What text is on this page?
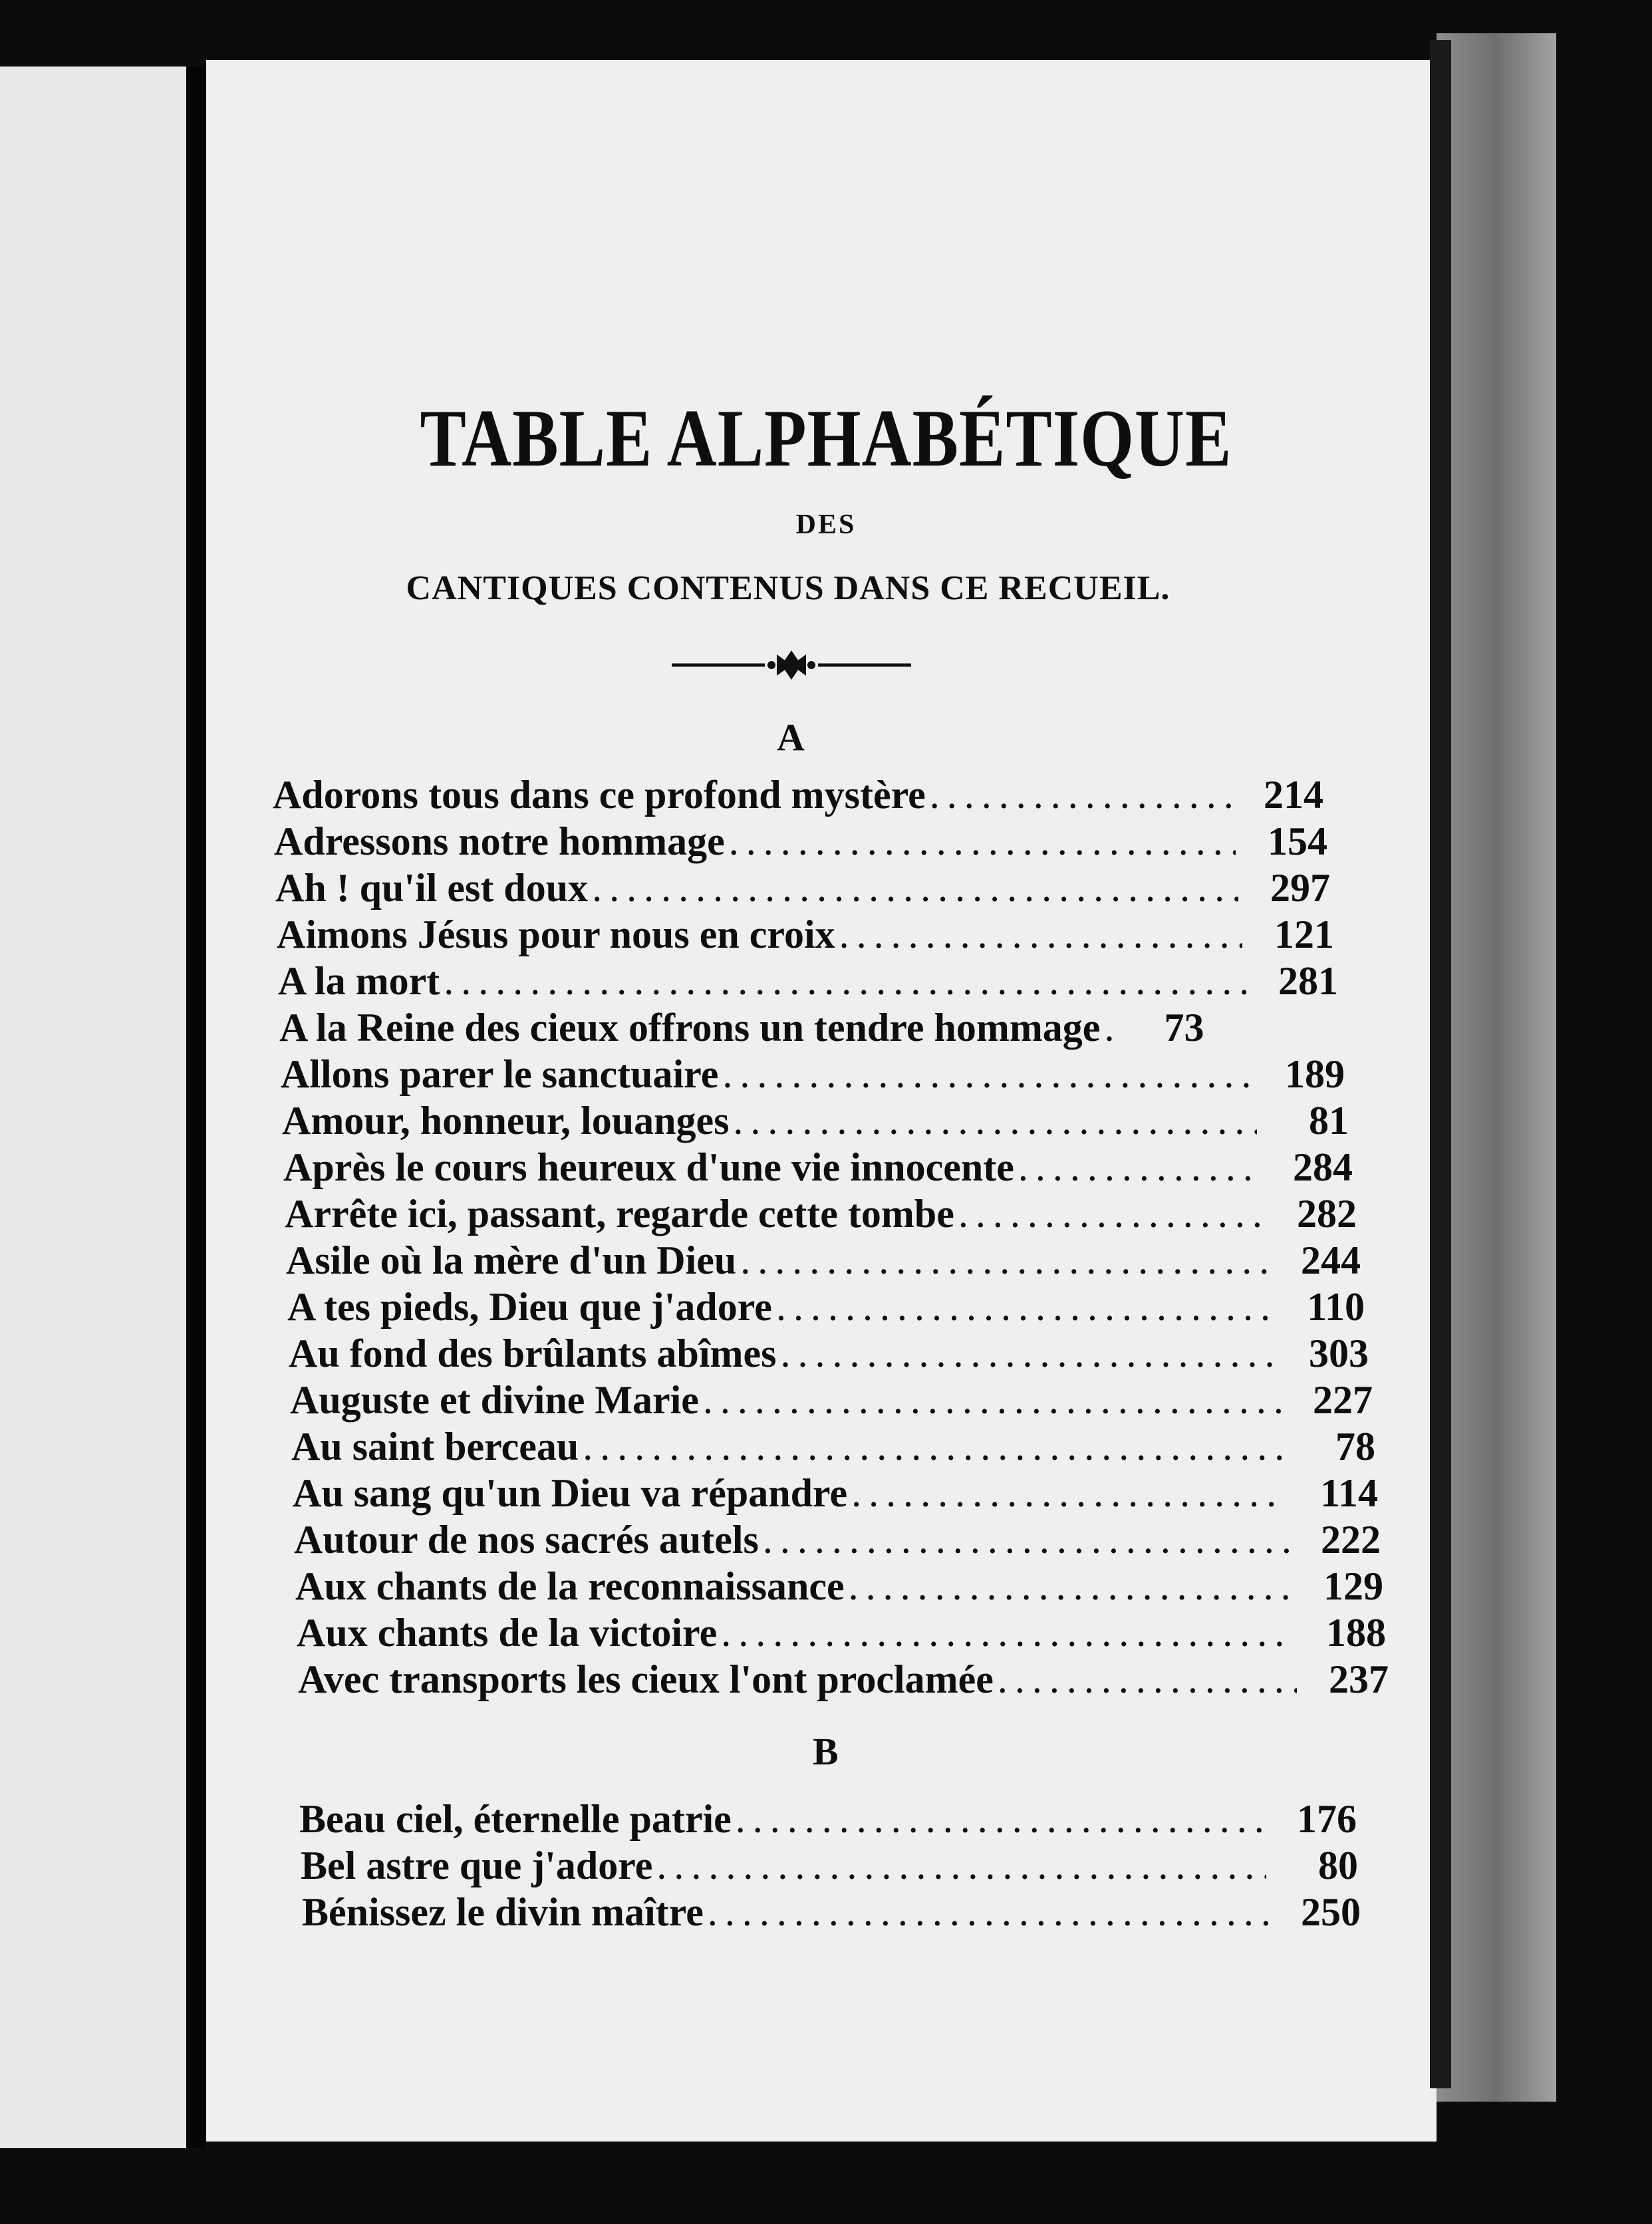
TABLE ALPHABÉTIQUE
DES
CANTIQUES CONTENUS DANS CE RECUEIL.
A
B
Adorons tous dans ce profond mystère . . .	214
Adressons notre hommage . . .	154
Ah ! qu'il est doux . . .	297
Aimons Jésus pour nous en croix . . .	121
A la mort . . .	281
A la Reine des cieux offrons un tendre hommage . . .	73
Allons parer le sanctuaire . . .	189
Amour, honneur, louanges . . .	81
Après le cours heureux d'une vie innocente . . .	284
Arrête ici, passant, regarde cette tombe . . .	282
Asile où la mère d'un Dieu . . .	244
A tes pieds, Dieu que j'adore . . .	110
Au fond des brûlants abîmes . . .	303
Auguste et divine Marie . . .	227
Au saint berceau . . .	78
Au sang qu'un Dieu va répandre . . .	114
Autour de nos sacrés autels . . .	222
Aux chants de la reconnaissance . . .	129
Aux chants de la victoire . . .	188
Avec transports les cieux l'ont proclamée . . .	237
Beau ciel, éternelle patrie . . .	176
Bel astre que j'adore . . .	80
Bénissez le divin maître . . .	250
